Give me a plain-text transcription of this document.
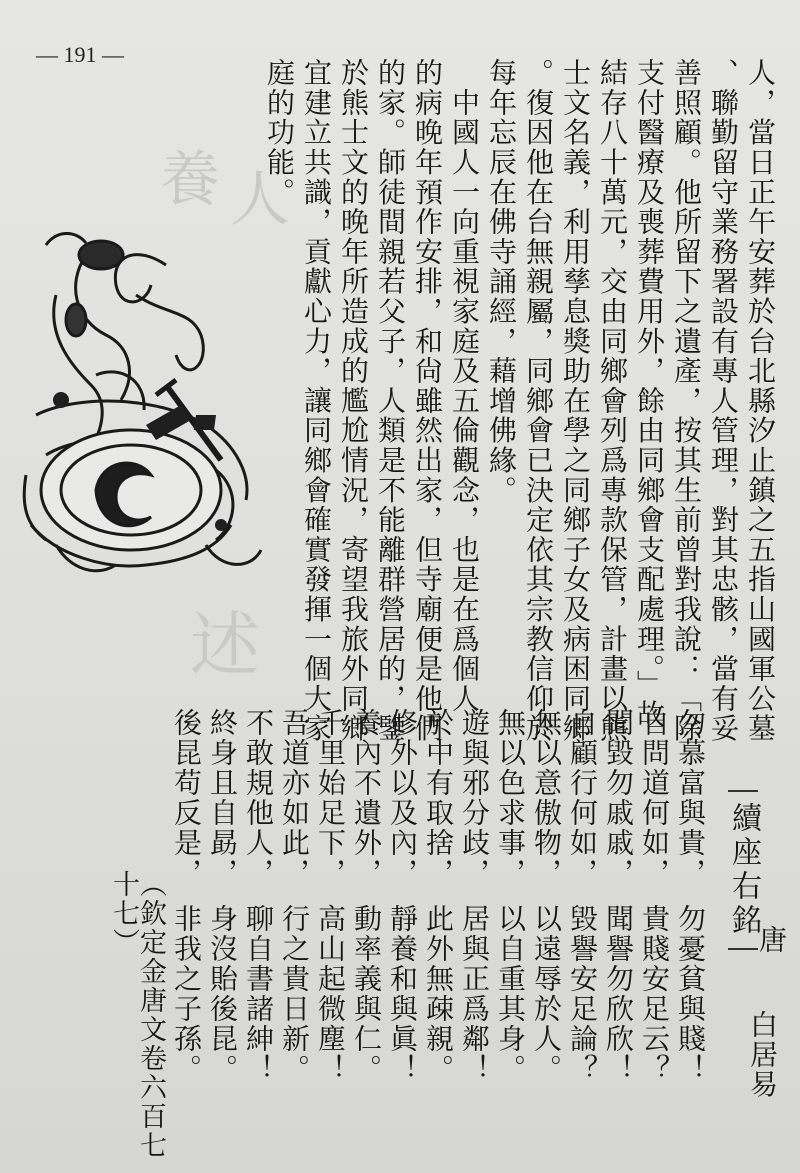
養 人
述
— 191 —
人，當日正午安葬於台北縣汐止鎮之五指山國軍公墓
、聯勤留守業務署設有專人管理，對其忠骸，當有妥
善照顧。他所留下之遺產，按其生前曾對我說：「除
支付醫療及喪葬費用外，餘由同鄉會支配處理。」故
結存八十萬元，交由同鄉會列爲專款保管，計畫以熊
士文名義，利用孳息獎助在學之同鄉子女及病困同鄉
。復因他在台無親屬，同鄉會已決定依其宗教信仰於
每年忘辰在佛寺誦經，藉增佛緣。
　中國人一向重視家庭及五倫觀念，也是在爲個人
的病晚年預作安排，和尙雖然出家，但寺廟便是他們
的家。師徒間親若父子，人類是不能離群營居的，鑒
於熊士文的晚年所造成的尷尬情況，寄望我旅外同鄉
宜建立共識，貢獻心力，讓同鄉會確實發揮一個大家
庭的功能。
續座右銘
唐
白居易
勿慕富與貴，　勿憂貧與賤！
自問道何如，　貴賤安足云？
聞毀勿戚戚，　聞譽勿欣欣！
自顧行何如，　毀譽安足論？
無以意傲物，　以遠辱於人。
無以色求事，　以自重其身。
遊與邪分歧，　居與正爲鄰！
於中有取捨，　此外無疎親。
修外以及內，　靜養和與眞！
養內不遺外，　動率義與仁。
千里始足下，　高山起微塵！
吾道亦如此，　行之貴日新。
不敢規他人，　聊自書諸紳！
終身且自勗，　身沒貽後昆。
後昆苟反是，　非我之子孫。
（欽定金唐文卷六百七十七）
